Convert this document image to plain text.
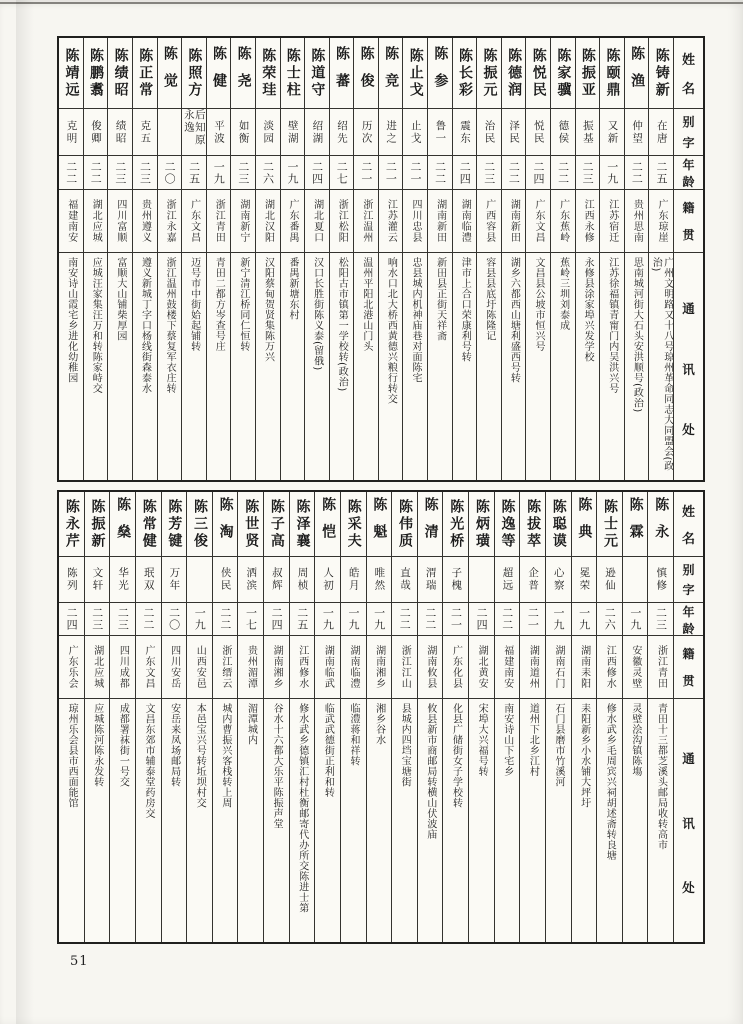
姓
名
别
字
年
龄
籍
贯
通
讯
处
陈铸新
在唐
二五
广东琼崖
广州文明路又十八号琼州革命同志大同盟会(政治)
陈渔
仲望
二二
贵州思南
思南城河街大石头安洪顺号(政治)
陈颐鼎
又新
一九
江苏宿迁
江苏徐福镇青甯门内吴洪兴号
陈振亚
振基
二三
江西永修
永修县涂家埠兴发学校
陈家骥
德侯
二二
广东蕉岭
蕉岭三圳刘泰成
陈悦民
悦民
二四
广东文昌
文昌县公坡市恒兴号
陈德润
泽民
二二
湖南新田
湖乡六都西山塘利盛西号转
陈振元
治民
二三
广西容县
容县县底圩陈隆记
陈长彩
震东
二四
湖南临澧
津市上合口荣康利号转
陈参
鲁一
二二
湖南新田
新田县正街天祥斋
陈止戈
止戈
二一
四川忠县
忠县城内机神庙巷对面陈宅
陈竞
进之
二一
江苏灌云
响水口北大桥西黄德兴粮行转交
陈俊
历次
二一
浙江温州
温州平阳北港山门头
陈蕃
绍先
二七
浙江松阳
松阳古市镇第一学校转(政治)
陈道守
绍湖
二四
湖北夏口
汉口长胜街陈义泰(留俄)
陈士柱
壁湖
一九
广东番禺
番禺新塘东村
陈荣珪
淡园
二六
湖北汉阳
汉阳蔡甸贺贤集陈万兴
陈尧
如衡
二三
湖南新宁
新宁清江桥同仁恒转
陈健
平波
一九
浙江青田
青田二都方岑查号庄
陈照方
后知原永逸
二五
广东文昌
迈号市中街姶起铺转
陈觉
二〇
浙江永嘉
浙江温州鼓楼下蔡复军衣庄转
陈正常
克五
二三
贵州遵义
遵义新城丁字口杨线街森泰水
陈绩昭
绩昭
二三
四川富顺
富顺大山铺柴厚园
陈鹏翥
俊卿
二二
湖北应城
应城汪家集汪万和转陈家峙交
陈靖远
克明
二二
福建南安
南安诗山霞宅乡进化幼稚园
姓
名
别
字
年
龄
籍
贯
通
讯
处
陈永
慎修
二三
浙江青田
青田十三都芝溪头邮局收转高市
陈霖
一九
安徽灵壁
灵壁浍沟镇陈塲
陈士元
逊仙
二六
江西修水
修水武乡毛周宾兴祠胡述斋转良塘
陈典
冕荣
一九
湖南耒阳
耒阳新乡小水铺大坪圩
陈聪谟
心察
一九
湖南石门
石门县磨市竹溪河
陈拔萃
企普
二一
湖南道州
道州下北乡江村
陈逸等
超远
二二
福建南安
南安诗山下宅乡
陈炳璜
二四
湖北黄安
宋埠大兴福号转
陈光桥
子槐
二一
广东化县
化县广储街女子学校转
陈清
渭瑞
二二
湖南攸县
攸县新市商邮局转横山伏波庙
陈伟质
直哉
二二
浙江江山
县城内四垱宝塘街
陈魁
唯然
一九
湖南湘乡
湘乡谷水
陈采夫
皓月
一九
湖南临澧
临澧蒋和祥转
陈恺
人初
一九
湖南临武
临武武德街正利和转
陈泽襄
周桢
二五
江西修水
修水武乡德镇汇村杜衡邮寄代办所交陈进士第
陈子高
叔辉
二四
湖南湘乡
谷水十六都大乐平陈振声堂
陈世贤
洒滨
一七
贵州湄潭
湄潭城内
陈淘
侠民
二二
浙江缙云
城内曹振兴客栈转上周
陈三俊
一九
山西安邑
本邑宝兴号转坵坝村交
陈芳键
万年
二〇
四川安岳
安岳来凤场邮局转
陈常健
珉双
二二
广东文昌
文昌东郊市辅泰堂药房交
陈燊
华光
二三
四川成都
成都署袜街一号交
陈振新
文轩
二三
湖北应城
应城陈河陈永发转
陈永芹
陈列
二四
广东乐会
琼州乐会县市西面能馆
51
